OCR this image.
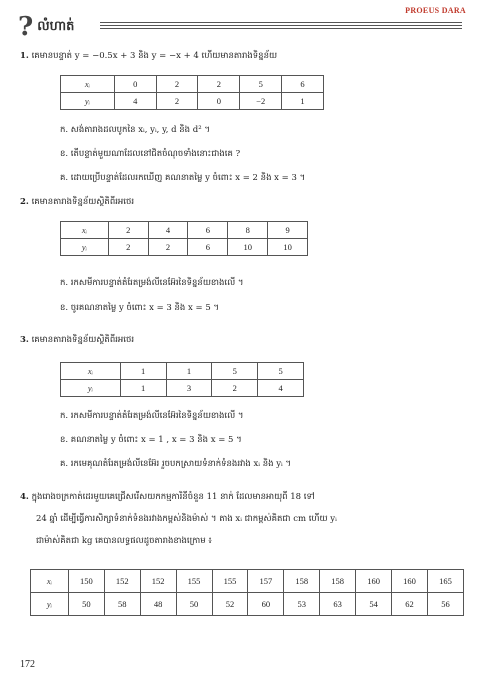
PROEUS DARA
? លំហាត់
1. គេមានបន្ទាត់ y = −0.5x + 3 និង y = −x + 4 ហើយមានតារាងទិន្នន័យ
xᵢ	0	2	2	5	6
yᵢ	4	2	0	−2	1
ក. សង់តារាងដលបូកនៃ xᵢ, yᵢ, y, d និង d² ។
ខ. តើបន្ទាត់មួយណាដែលនៅជិតចំណុចទាំងនោះជាងគេ ?
គ. ដោយប្រើបន្ទាត់ដែលរកឃើញ គណនាតម្លៃ y ចំពោះ x = 2 និង x = 3 ។
2. គេមានតារាងទិន្នន័យស្ថិតិពីរអថេរ
xᵢ	2	4	6	8	9
yᵢ	2	2	6	10	10
ក. រកសមីការបន្ទាត់តំរែតម្រង់លីនេអ៊ែរនៃទិន្នន័យខាងលើ ។
ខ. ចូរគណនាតម្លៃ y ចំពោះ x = 3 និង x = 5 ។
3. គេមានតារាងទិន្នន័យស្ថិតិពីរអថេរ
xᵢ	1	1	5	5
yᵢ	1	3	2	4
ក. រកសមីការបន្ទាត់តំរែតម្រង់លីនេអ៊ែរនៃទិន្នន័យខាងលើ ។
ខ. គណនាតម្លៃ y ចំពោះ x = 1 , x = 3 និង x = 5 ។
គ. រកមេគុណតំរែតម្រង់លីនេអ៊ែរ រួចបកស្រាយទំនាក់ទំនងរវាង xᵢ និង yᵢ ។
4. ក្នុងរោងចក្រកាត់ដេរមួយគេជ្រើសរើសយកកម្មការិនីចំនួន 11 នាក់ ដែលមានអាយុពី 18 ទៅ
24 ឆ្នាំ ដើម្បីធ្វើការសិក្សាទំនាក់ទំនងរវាងកម្ពស់និងម៉ាស់ ។ តាង xᵢ ជាកម្ពស់គិតជា cm ហើយ yᵢ
ជាម៉ាស់គិតជា kg គេបានលទ្ធផលដូចតារាងខាងក្រោម ៖
xᵢ	150	152	152	155	155	157	158	158	160	160	165
yᵢ	50	58	48	50	52	60	53	63	54	62	56
172
